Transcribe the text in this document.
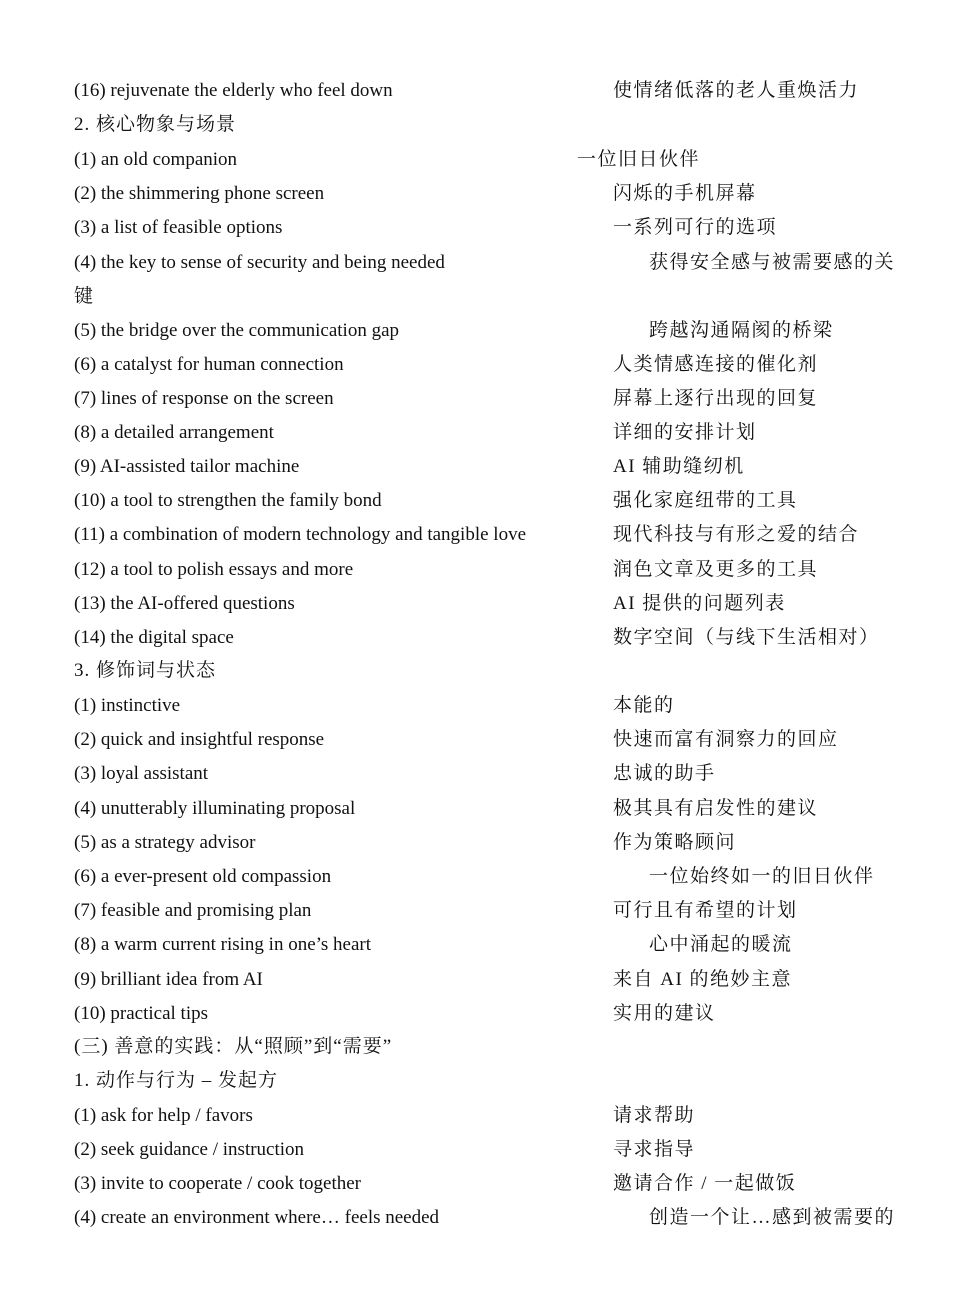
(16) rejuvenate the elderly who feel down	使情绪低落的老人重焕活力
2. 核心物象与场景
(1) an old companion	一位旧日伙伴
(2) the shimmering phone screen	闪烁的手机屏幕
(3) a list of feasible options	一系列可行的选项
(4) the key to sense of security and being needed	获得安全感与被需要感的关
键
(5) the bridge over the communication gap	跨越沟通隔阂的桥梁
(6) a catalyst for human connection	人类情感连接的催化剂
(7) lines of response on the screen	屏幕上逐行出现的回复
(8) a detailed arrangement	详细的安排计划
(9) AI-assisted tailor machine	AI 辅助缝纫机
(10) a tool to strengthen the family bond	强化家庭纽带的工具
(11) a combination of modern technology and tangible love	现代科技与有形之爱的结合
(12) a tool to polish essays and more	润色文章及更多的工具
(13) the AI-offered questions	AI 提供的问题列表
(14) the digital space	数字空间（与线下生活相对）
3. 修饰词与状态
(1) instinctive	本能的
(2) quick and insightful response	快速而富有洞察力的回应
(3) loyal assistant	忠诚的助手
(4) unutterably illuminating proposal	极其具有启发性的建议
(5) as a strategy advisor	作为策略顾问
(6) a ever-present old compassion	一位始终如一的旧日伙伴
(7) feasible and promising plan	可行且有希望的计划
(8) a warm current rising in one’s heart	心中涌起的暖流
(9) brilliant idea from AI	来自 AI 的绝妙主意
(10) practical tips	实用的建议
(三) 善意的实践：从“照顾”到“需要”
1. 动作与行为 – 发起方
(1) ask for help / favors	请求帮助
(2) seek guidance / instruction	寻求指导
(3) invite to cooperate / cook together	邀请合作 / 一起做饭
(4) create an environment where… feels needed	创造一个让…感到被需要的
